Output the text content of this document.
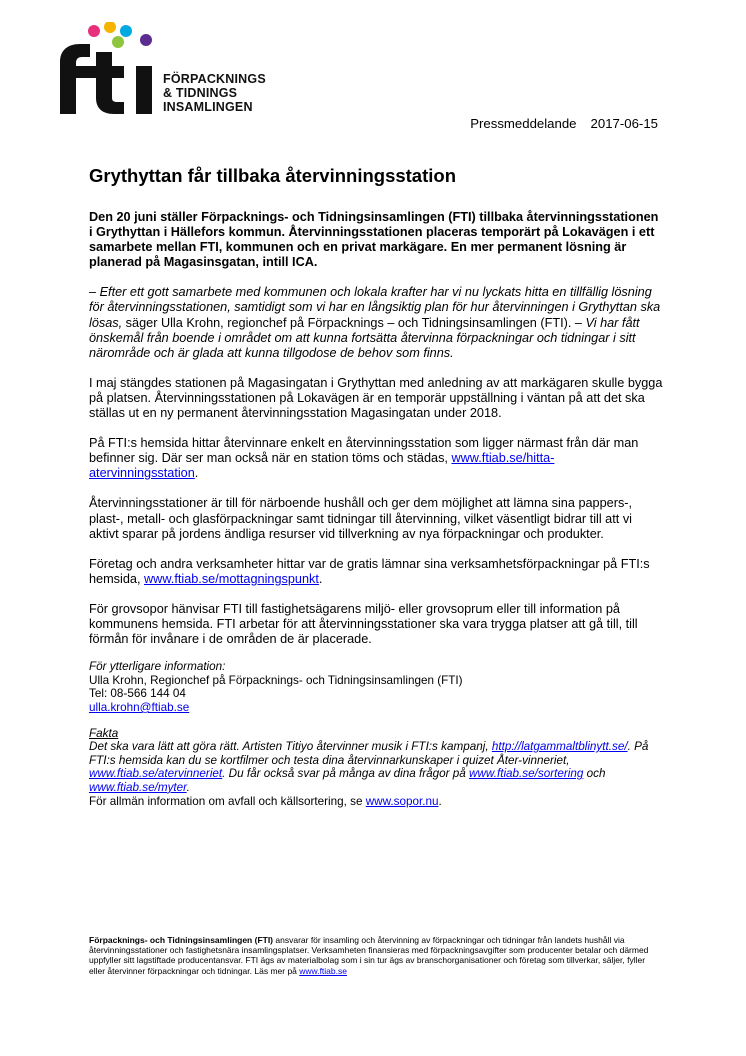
FÖRPACKNINGS
& TIDNINGS
INSAMLINGEN
Pressmeddelande 2017-06-15
Grythyttan får tillbaka återvinningsstation

Den 20 juni ställer Förpacknings- och Tidningsinsamlingen (FTI) tillbaka återvinningsstationen i Grythyttan i Hällefors kommun. Återvinningsstationen placeras temporärt på Lokavägen i ett samarbete mellan FTI, kommunen och en privat markägare. En mer permanent lösning är planerad på Magasinsgatan, intill ICA.

– Efter ett gott samarbete med kommunen och lokala krafter har vi nu lyckats hitta en tillfällig lösning för återvinningsstationen, samtidigt som vi har en långsiktig plan för hur återvinningen i Grythyttan ska lösas, säger Ulla Krohn, regionchef på Förpacknings – och Tidningsinsamlingen (FTI). – Vi har fått önskemål från boende i området om att kunna fortsätta återvinna förpackningar och tidningar i sitt närområde och är glada att kunna tillgodose de behov som finns.

I maj stängdes stationen på Magasingatan i Grythyttan med anledning av att markägaren skulle bygga på platsen. Återvinningsstationen på Lokavägen är en temporär uppställning i väntan på att det ska ställas ut en ny permanent återvinningsstation Magasingatan under 2018.

På FTI:s hemsida hittar återvinnare enkelt en återvinningsstation som ligger närmast från där man befinner sig. Där ser man också när en station töms och städas, www.ftiab.se/hitta-
atervinningsstation.

Återvinningsstationer är till för närboende hushåll och ger dem möjlighet att lämna sina pappers-, plast-, metall- och glasförpackningar samt tidningar till återvinning, vilket väsentligt bidrar till att vi aktivt sparar på jordens ändliga resurser vid tillverkning av nya förpackningar och produkter.

Företag och andra verksamheter hittar var de gratis lämnar sina verksamhetsförpackningar på FTI:s hemsida, www.ftiab.se/mottagningspunkt.

För grovsopor hänvisar FTI till fastighetsägarens miljö- eller grovsoprum eller till information på kommunens hemsida. FTI arbetar för att återvinningsstationer ska vara trygga platser att gå till, till förmån för invånare i de områden de är placerade.

För ytterligare information:
Ulla Krohn, Regionchef på Förpacknings- och Tidningsinsamlingen (FTI)
Tel: 08-566 144 04
ulla.krohn@ftiab.se
Fakta
Det ska vara lätt att göra rätt. Artisten Titiyo återvinner musik i FTI:s kampanj, http://latgammaltblinytt.se/. På FTI:s hemsida kan du se kortfilmer och testa dina återvinnarkunskaper i quizet Åter-vinneriet, www.ftiab.se/atervinneriet. Du får också svar på många av dina frågor på www.ftiab.se/sortering och www.ftiab.se/myter.
För allmän information om avfall och källsortering, se www.sopor.nu.
Förpacknings- och Tidningsinsamlingen (FTI) ansvarar för insamling och återvinning av förpackningar och tidningar från landets hushåll via återvinningsstationer och fastighetsnära insamlingsplatser. Verksamheten finansieras med förpackningsavgifter som producenter betalar och därmed uppfyller sitt lagstiftade producentansvar. FTI ägs av materialbolag som i sin tur ägs av branschorganisationer och företag som tillverkar, säljer, fyller eller återvinner förpackningar och tidningar. Läs mer på www.ftiab.se
